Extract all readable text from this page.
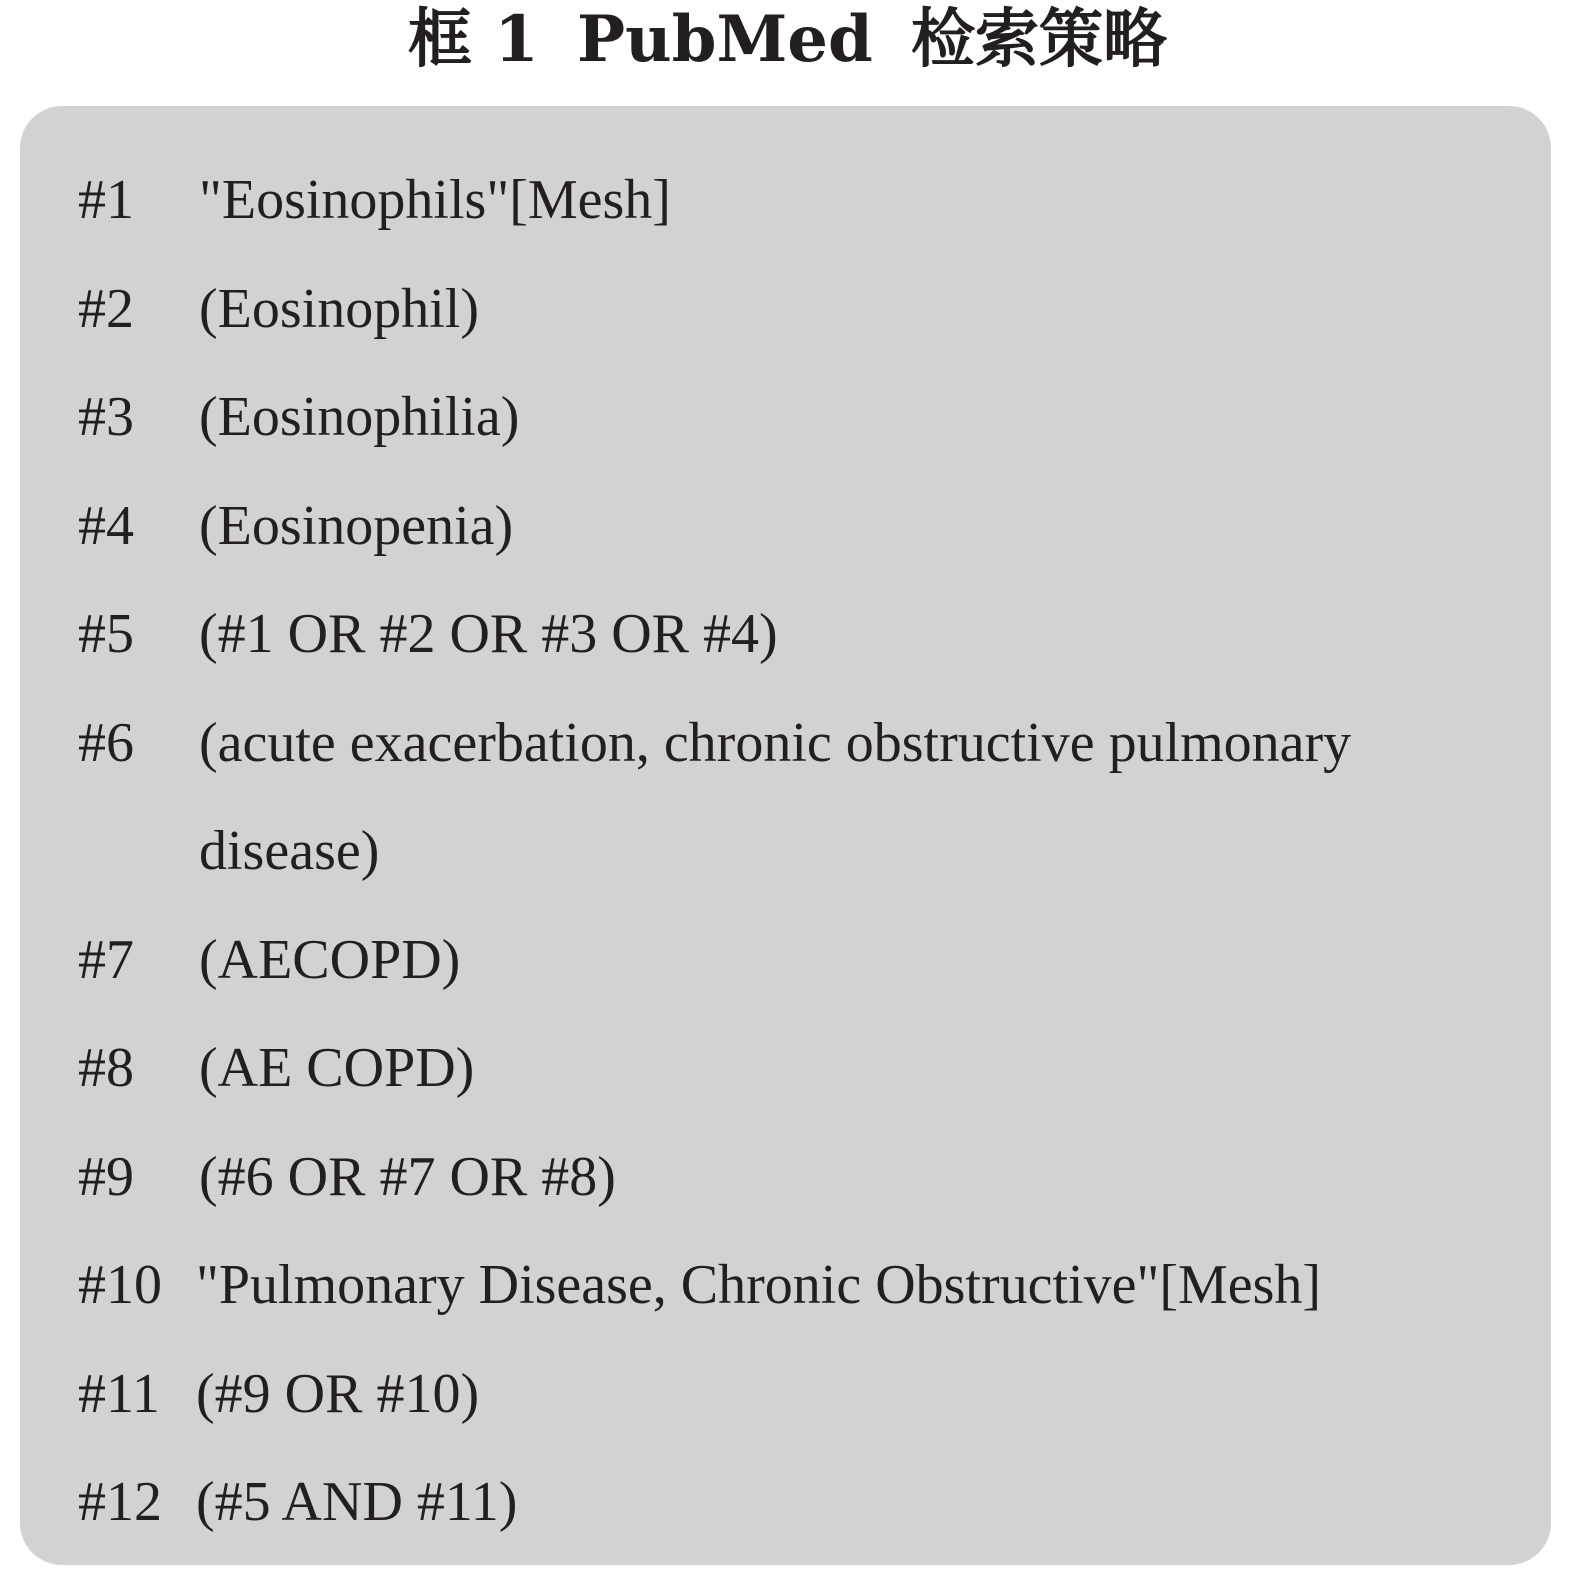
框 1 PubMed 检索策略
#1	"Eosinophils"[Mesh]
#2	(Eosinophil)
#3	(Eosinophilia)
#4	(Eosinopenia)
#5	(#1 OR #2 OR #3 OR #4)
#6	(acute exacerbation, chronic obstructive pulmonary disease)
#7	(AECOPD)
#8	(AE COPD)
#9	(#6 OR #7 OR #8)
#10 "Pulmonary Disease, Chronic Obstructive"[Mesh]
#11 (#9 OR #10)
#12 (#5 AND #11)
